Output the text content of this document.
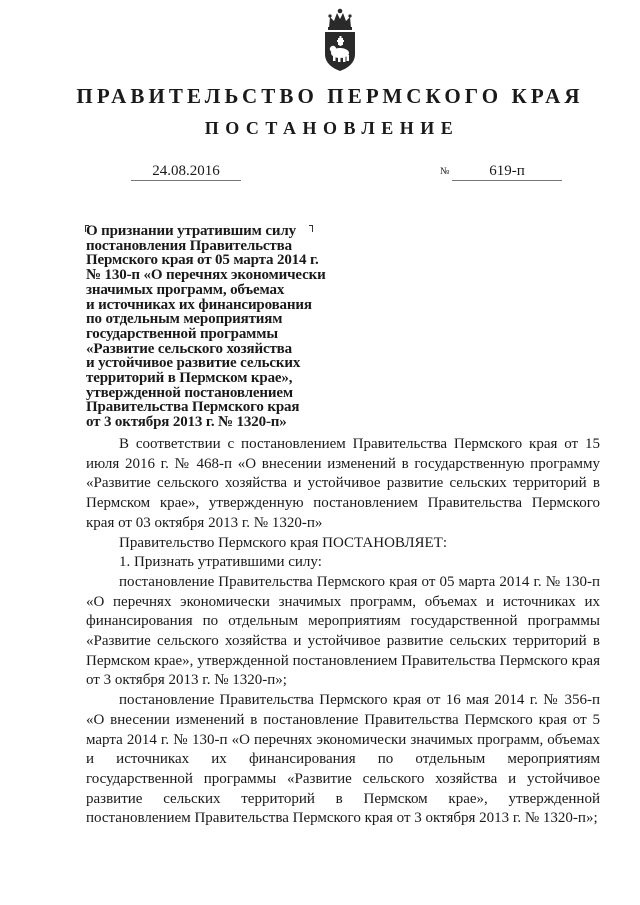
ПРАВИТЕЛЬСТВО ПЕРМСКОГО КРАЯ
ПОСТАНОВЛЕНИЕ
24.08.2016	№	619-п
О признании утратившим силу
постановления Правительства
Пермского края от 05 марта 2014 г.
№ 130-п «О перечнях экономически
значимых программ, объемах
и источниках их финансирования
по отдельным мероприятиям
государственной программы
«Развитие сельского хозяйства
и устойчивое развитие сельских
территорий в Пермском крае»,
утвержденной постановлением
Правительства Пермского края
от 3 октября 2013 г. № 1320-п»

В соответствии с постановлением Правительства Пермского края от 15 июля 2016 г. № 468-п «О внесении изменений в государственную программу «Развитие сельского хозяйства и устойчивое развитие сельских территорий в Пермском крае», утвержденную постановлением Правительства Пермского края от 03 октября 2013 г. № 1320-п»

Правительство Пермского края ПОСТАНОВЛЯЕТ:

1. Признать утратившими силу:

постановление Правительства Пермского края от 05 марта 2014 г. № 130-п «О перечнях экономически значимых программ, объемах и источниках их финансирования по отдельным мероприятиям государственной программы «Развитие сельского хозяйства и устойчивое развитие сельских территорий в Пермском крае», утвержденной постановлением Правительства Пермского края от 3 октября 2013 г. № 1320-п»;

постановление Правительства Пермского края от 16 мая 2014 г. № 356-п «О внесении изменений в постановление Правительства Пермского края от 5 марта 2014 г. № 130-п «О перечнях экономически значимых программ, объемах и источниках их финансирования по отдельным мероприятиям государственной программы «Развитие сельского хозяйства и устойчивое развитие сельских территорий в Пермском крае», утвержденной постановлением Правительства Пермского края от 3 октября 2013 г. № 1320-п»;
